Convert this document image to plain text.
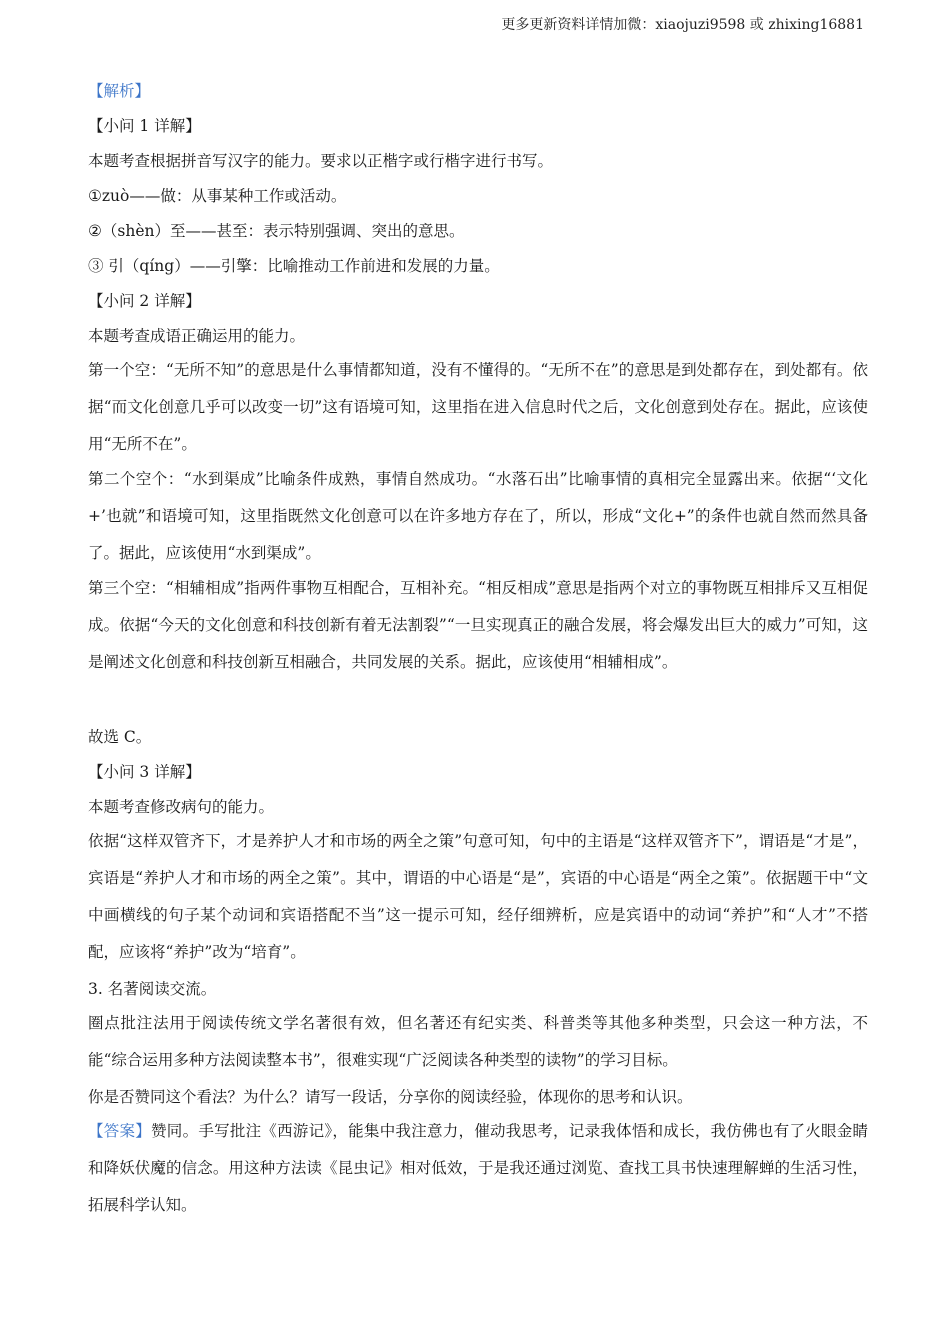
更多更新资料详情加微：xiaojuzi9598 或 zhixing16881

【解析】

【小问 1 详解】

本题考查根据拼音写汉字的能力。要求以正楷字或行楷字进行书写。

①zuò——做：从事某种工作或活动。

②（shèn）至——甚至：表示特别强调、突出的意思。

③ 引（qíng）——引擎：比喻推动工作前进和发展的力量。

【小问 2 详解】

本题考查成语正确运用的能力。

第一个空：“无所不知”的意思是什么事情都知道，没有不懂得的。“无所不在”的意思是到处都存在，到处都有。依据“而文化创意几乎可以改变一切”这有语境可知，这里指在进入信息时代之后，文化创意到处存在。据此，应该使用“无所不在”。

第二个空个：“水到渠成”比喻条件成熟，事情自然成功。“水落石出”比喻事情的真相完全显露出来。依据“‘文化+’也就”和语境可知，这里指既然文化创意可以在许多地方存在了，所以，形成“文化+”的条件也就自然而然具备了。据此，应该使用“水到渠成”。

第三个空：“相辅相成”指两件事物互相配合，互相补充。“相反相成”意思是指两个对立的事物既互相排斥又互相促成。依据“今天的文化创意和科技创新有着无法割裂”“一旦实现真正的融合发展，将会爆发出巨大的威力”可知，这是阐述文化创意和科技创新互相融合，共同发展的关系。据此，应该使用“相辅相成”。

故选 C。

【小问 3 详解】

本题考查修改病句的能力。

依据“这样双管齐下，才是养护人才和市场的两全之策”句意可知，句中的主语是“这样双管齐下”，谓语是“才是”，宾语是“养护人才和市场的两全之策”。其中，谓语的中心语是“是”，宾语的中心语是“两全之策”。依据题干中“文中画横线的句子某个动词和宾语搭配不当”这一提示可知，经仔细辨析，应是宾语中的动词“养护”和“人才”不搭配，应该将“养护”改为“培育”。

3. 名著阅读交流。

圈点批注法用于阅读传统文学名著很有效，但名著还有纪实类、科普类等其他多种类型，只会这一种方法，不能“综合运用多种方法阅读整本书”，很难实现“广泛阅读各种类型的读物”的学习目标。

你是否赞同这个看法？为什么？请写一段话，分享你的阅读经验，体现你的思考和认识。

【答案】赞同。手写批注《西游记》，能集中我注意力，催动我思考，记录我体悟和成长，我仿佛也有了火眼金睛和降妖伏魔的信念。用这种方法读《昆虫记》相对低效，于是我还通过浏览、查找工具书快速理解蝉的生活习性，拓展科学认知。
